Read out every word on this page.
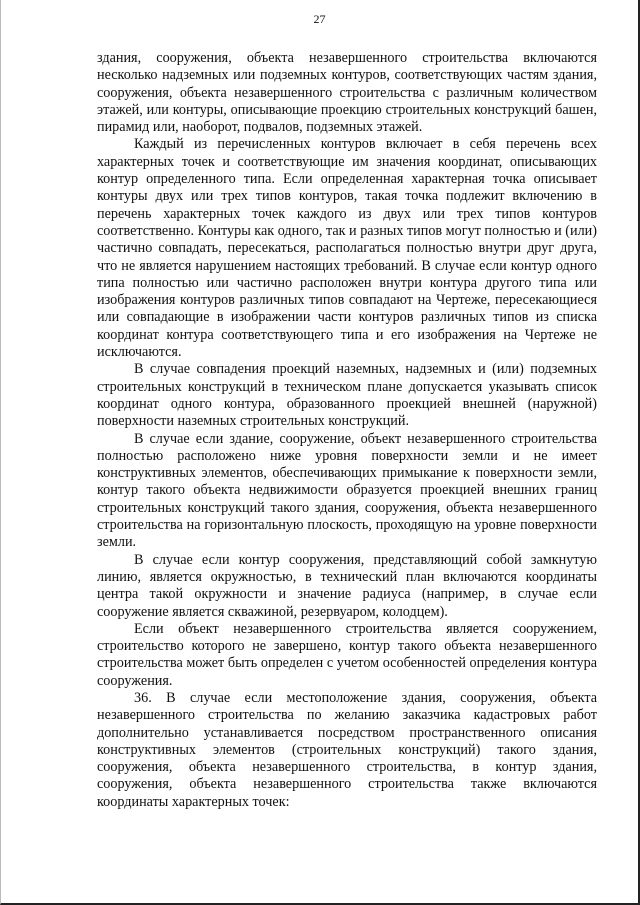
27

здания, сооружения, объекта незавершенного строительства включаются несколько надземных или подземных контуров, соответствующих частям здания, сооружения, объекта незавершенного строительства с различным количеством этажей, или контуры, описывающие проекцию строительных конструкций башен, пирамид или, наоборот, подвалов, подземных этажей.

Каждый из перечисленных контуров включает в себя перечень всех характерных точек и соответствующие им значения координат, описывающих контур определенного типа. Если определенная характерная точка описывает контуры двух или трех типов контуров, такая точка подлежит включению в перечень характерных точек каждого из двух или трех типов контуров соответственно. Контуры как одного, так и разных типов могут полностью и (или) частично совпадать, пересекаться, располагаться полностью внутри друг друга, что не является нарушением настоящих требований. В случае если контур одного типа полностью или частично расположен внутри контура другого типа или изображения контуров различных типов совпадают на Чертеже, пересекающиеся или совпадающие в изображении части контуров различных типов из списка координат контура соответствующего типа и его изображения на Чертеже не исключаются.

В случае совпадения проекций наземных, надземных и (или) подземных строительных конструкций в техническом плане допускается указывать список координат одного контура, образованного проекцией внешней (наружной) поверхности наземных строительных конструкций.

В случае если здание, сооружение, объект незавершенного строительства полностью расположено ниже уровня поверхности земли и не имеет конструктивных элементов, обеспечивающих примыкание к поверхности земли, контур такого объекта недвижимости образуется проекцией внешних границ строительных конструкций такого здания, сооружения, объекта незавершенного строительства на горизонтальную плоскость, проходящую на уровне поверхности земли.

В случае если контур сооружения, представляющий собой замкнутую линию, является окружностью, в технический план включаются координаты центра такой окружности и значение радиуса (например, в случае если сооружение является скважиной, резервуаром, колодцем).

Если объект незавершенного строительства является сооружением, строительство которого не завершено, контур такого объекта незавершенного строительства может быть определен с учетом особенностей определения контура сооружения.

36. В случае если местоположение здания, сооружения, объекта незавершенного строительства по желанию заказчика кадастровых работ дополнительно устанавливается посредством пространственного описания конструктивных элементов (строительных конструкций) такого здания, сооружения, объекта незавершенного строительства, в контур здания, сооружения, объекта незавершенного строительства также включаются координаты характерных точек:
